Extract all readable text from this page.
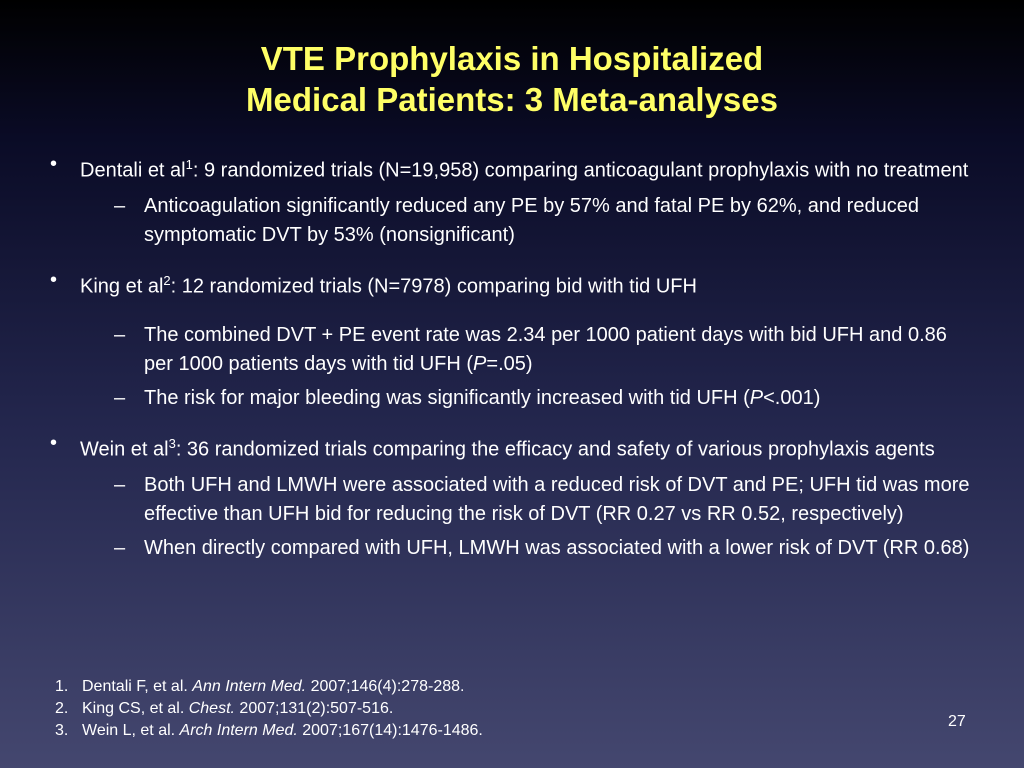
VTE Prophylaxis in Hospitalized
Medical Patients: 3 Meta-analyses
• Dentali et $al^1$: 9 randomized trials (N=19,958) comparing anticoagulant prophylaxis with no treatment
– Anticoagulation significantly reduced any PE by 57% and fatal PE by 62%, and reduced symptomatic DVT by 53% (nonsignificant)
• King et $al^2$: 12 randomized trials (N=7978) comparing bid with tid UFH
– The combined DVT + PE event rate was 2.34 per 1000 patient days with bid UFH and 0.86 per 1000 patients days with tid UFH (P=.05)
– The risk for major bleeding was significantly increased with tid UFH (P<.001)
• Wein et $al^3$: 36 randomized trials comparing the efficacy and safety of various prophylaxis agents
– Both UFH and LMWH were associated with a reduced risk of DVT and PE; UFH tid was more effective than UFH bid for reducing the risk of DVT (RR 0.27 vs RR 0.52, respectively)
– When directly compared with UFH, LMWH was associated with a lower risk of DVT (RR 0.68)
1. Dentali F, et al. Ann Intern Med. 2007;146(4):278-288.
2. King CS, et al. Chest. 2007;131(2):507-516.
3. Wein L, et al. Arch Intern Med. 2007;167(14):1476-1486.
27
